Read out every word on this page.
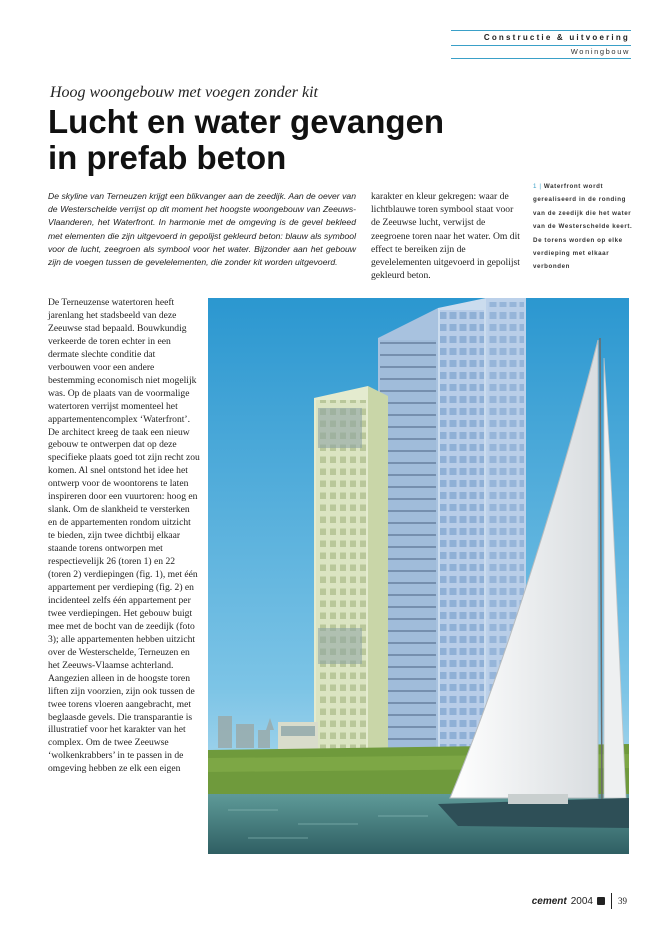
Constructie & uitvoering
Woningbouw
Hoog woongebouw met voegen zonder kit
Lucht en water gevangen in prefab beton
De skyline van Terneuzen krijgt een blikvanger aan de zeedijk. Aan de oever van de Westerschelde verrijst op dit moment het hoogste woongebouw van Zeeuws-Vlaanderen, het Waterfront. In harmonie met de omgeving is de gevel bekleed met elementen die zijn uitgevoerd in gepolijst gekleurd beton: blauw als symbool voor de lucht, zeegroen als symbool voor het water. Bijzonder aan het gebouw zijn de voegen tussen de gevelelementen, die zonder kit worden uitgevoerd.
karakter en kleur gekregen: waar de lichtblauwe toren symbool staat voor de Zeeuwse lucht, verwijst de zeegroene toren naar het water. Om dit effect te bereiken zijn de gevelelementen uitgevoerd in gepolijst gekleurd beton.
1 | Waterfront wordt gerealiseerd in de ronding van de zeedijk die het water van de Westerschelde keert. De torens worden op elke verdieping met elkaar verbonden
De Terneuzense watertoren heeft jarenlang het stadsbeeld van deze Zeeuwse stad bepaald. Bouwkundig verkeerde de toren echter in een dermate slechte conditie dat verbouwen voor een andere bestemming economisch niet mogelijk was. Op de plaats van de voormalige watertoren verrijst momenteel het appartementencomplex ‘Waterfront’. De architect kreeg de taak een nieuw gebouw te ontwerpen dat op deze specifieke plaats goed tot zijn recht zou komen. Al snel ontstond het idee het ontwerp voor de woontorens te laten inspireren door een vuurtoren: hoog en slank. Om de slankheid te versterken en de appartementen rondom uitzicht te bieden, zijn twee dichtbij elkaar staande torens ontworpen met respectievelijk 26 (toren 1) en 22 (toren 2) verdiepingen (fig. 1), met één appartement per verdieping (fig. 2) en incidenteel zelfs één appartement per twee verdiepingen. Het gebouw buigt mee met de bocht van de zeedijk (foto 3); alle appartementen hebben uitzicht over de Westerschelde, Terneuzen en het Zeeuws-Vlaamse achterland.
Aangezien alleen in de hoogste toren liften zijn voorzien, zijn ook tussen de twee torens vloeren aangebracht, met beglaasde gevels. Die transparantie is illustratief voor het karakter van het complex. Om de twee Zeeuwse ‘wolkenkrabbers’ in te passen in de omgeving hebben ze elk een eigen
cement 2004	39
